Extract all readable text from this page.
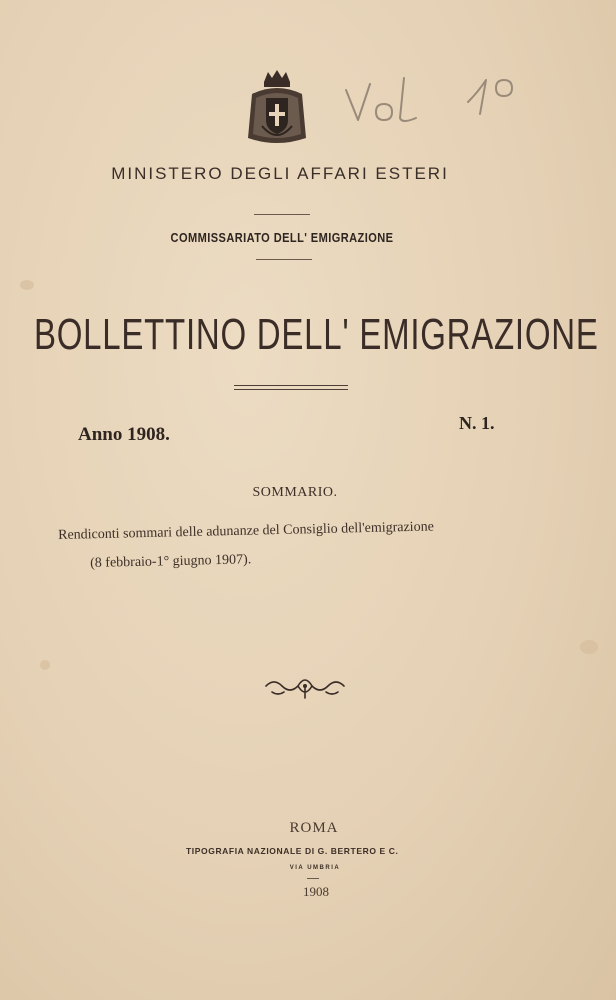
MINISTERO DEGLI AFFARI ESTERI
COMMISSARIATO DELL' EMIGRAZIONE
BOLLETTINO DELL' EMIGRAZIONE
Anno 1908.
N. 1.
SOMMARIO.
Rendiconti sommari delle adunanze del Consiglio dell'emigrazione
(8 febbraio-1° giugno 1907).
ROMA
TIPOGRAFIA NAZIONALE DI G. BERTERO E C.
VIA UMBRIA
1908
